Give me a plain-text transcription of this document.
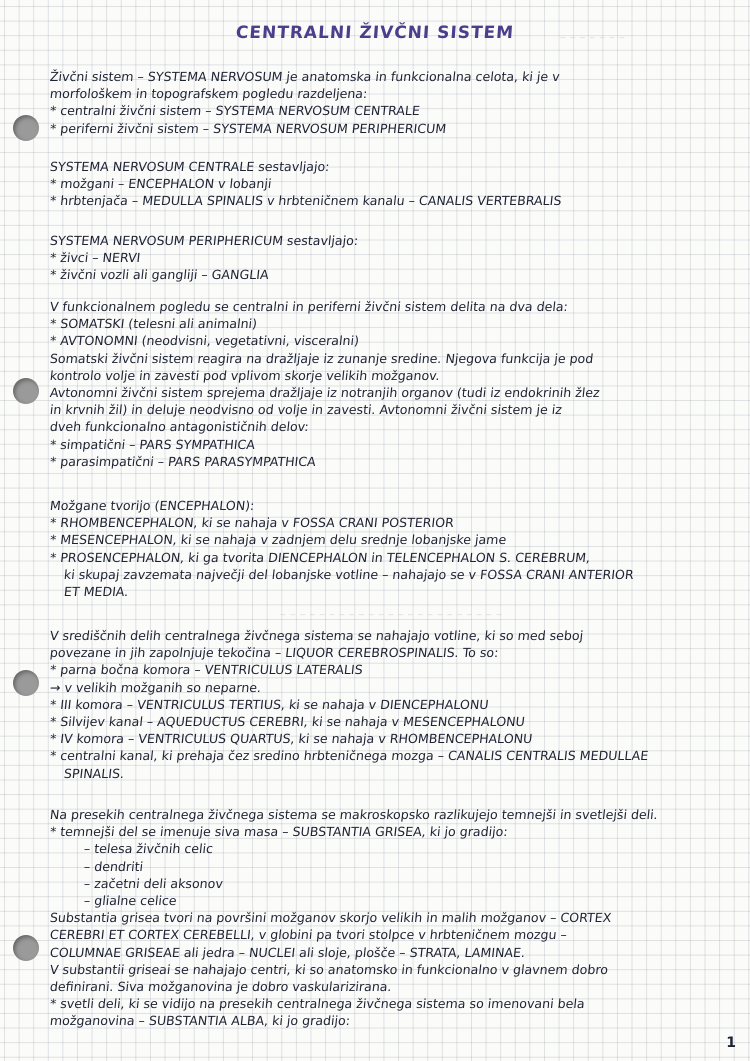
– – – – – – –
– – – – – – – – – – – – – – – – – – – – – – –
CENTRALNI ŽIVČNI SISTEM
Živčni sistem – SYSTEMA NERVOSUM je anatomska in funkcionalna celota, ki je v
morfološkem in topografskem pogledu razdeljena:
* centralni živčni sistem – SYSTEMA NERVOSUM CENTRALE
* periferni živčni sistem – SYSTEMA NERVOSUM PERIPHERICUM
SYSTEMA NERVOSUM CENTRALE sestavljajo:
* možgani – ENCEPHALON v lobanji
* hrbtenjača – MEDULLA SPINALIS v hrbteničnem kanalu – CANALIS VERTEBRALIS
SYSTEMA NERVOSUM PERIPHERICUM sestavljajo:
* živci – NERVI
* živčni vozli ali gangliji – GANGLIA
V funkcionalnem pogledu se centralni in periferni živčni sistem delita na dva dela:
* SOMATSKI (telesni ali animalni)
* AVTONOMNI (neodvisni, vegetativni, visceralni)
Somatski živčni sistem reagira na dražljaje iz zunanje sredine. Njegova funkcija je pod
kontrolo volje in zavesti pod vplivom skorje velikih možganov.
Avtonomni živčni sistem sprejema dražljaje iz notranjih organov (tudi iz endokrinih žlez
in krvnih žil) in deluje neodvisno od volje in zavesti. Avtonomni živčni sistem je iz
dveh funkcionalno antagonističnih delov:
* simpatični – PARS SYMPATHICA
* parasimpatični – PARS PARASYMPATHICA
Možgane tvorijo (ENCEPHALON):
* RHOMBENCEPHALON, ki se nahaja v FOSSA CRANI POSTERIOR
* MESENCEPHALON, ki se nahaja v zadnjem delu srednje lobanjske jame
* PROSENCEPHALON, ki ga tvorita DIENCEPHALON in TELENCEPHALON S. CEREBRUM,
ki skupaj zavzemata največji del lobanjske votline – nahajajo se v FOSSA CRANI ANTERIOR
ET MEDIA.
V središčnih delih centralnega živčnega sistema se nahajajo votline, ki so med seboj
povezane in jih zapolnjuje tekočina – LIQUOR CEREBROSPINALIS. To so:
* parna bočna komora – VENTRICULUS LATERALIS
→ v velikih možganih so neparne.
* III komora – VENTRICULUS TERTIUS, ki se nahaja v DIENCEPHALONU
* Silvijev kanal – AQUEDUCTUS CEREBRI, ki se nahaja v MESENCEPHALONU
* IV komora – VENTRICULUS QUARTUS, ki se nahaja v RHOMBENCEPHALONU
* centralni kanal, ki prehaja čez sredino hrbteničnega mozga – CANALIS CENTRALIS MEDULLAE
SPINALIS.
Na presekih centralnega živčnega sistema se makroskopsko razlikujejo temnejši in svetlejši deli.
* temnejši del se imenuje siva masa – SUBSTANTIA GRISEA, ki jo gradijo:
– telesa živčnih celic
– dendriti
– začetni deli aksonov
– glialne celice
Substantia grisea tvori na površini možganov skorjo velikih in malih možganov – CORTEX
CEREBRI ET CORTEX CEREBELLI, v globini pa tvori stolpce v hrbteničnem mozgu –
COLUMNAE GRISEAE ali jedra – NUCLEI ali sloje, plošče – STRATA, LAMINAE.
V substantii griseai se nahajajo centri, ki so anatomsko in funkcionalno v glavnem dobro
definirani. Siva možganovina je dobro vaskularizirana.
* svetli deli, ki se vidijo na presekih centralnega živčnega sistema so imenovani bela
možganovina – SUBSTANTIA ALBA, ki jo gradijo:
1
